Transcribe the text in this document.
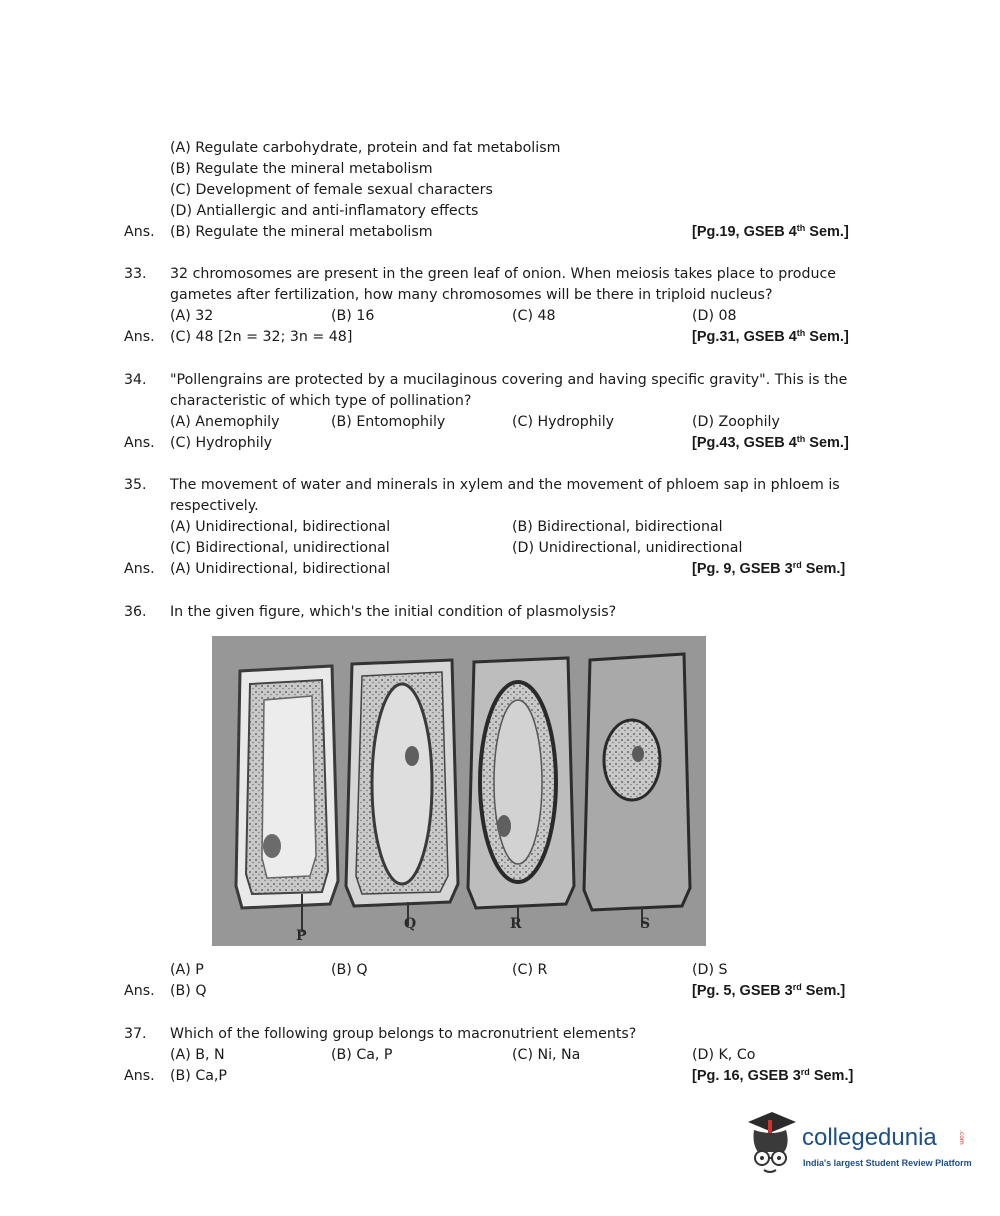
(A) Regulate carbohydrate, protein and fat metabolism
(B) Regulate the mineral metabolism
(C) Development of female sexual characters
(D) Antiallergic and anti-inflamatory effects
Ans. (B) Regulate the mineral metabolism	[Pg.19, GSEB 4th Sem.]
33. 32 chromosomes are present in the green leaf of onion. When meiosis takes place to produce
gametes after fertilization, how many chromosomes will be there in triploid nucleus?
(A) 32	(B) 16	(C) 48	(D) 08
Ans. (C) 48 [2n = 32; 3n = 48]	[Pg.31, GSEB 4th Sem.]
34. "Pollengrains are protected by a mucilaginous covering and having specific gravity". This is the
characteristic of which type of pollination?
(A) Anemophily	(B) Entomophily	(C) Hydrophily	(D) Zoophily
Ans. (C) Hydrophily	[Pg.43, GSEB 4th Sem.]
35. The movement of water and minerals in xylem and the movement of phloem sap in phloem is
respectively.
(A) Unidirectional, bidirectional	(B) Bidirectional, bidirectional
(C) Bidirectional, unidirectional	(D) Unidirectional, unidirectional
Ans. (A) Unidirectional, bidirectional	[Pg. 9, GSEB 3rd Sem.]
36. In the given figure, which's the initial condition of plasmolysis?
P
Q	R	S
(A) P	(B) Q	(C) R	(D) S
Ans. (B) Q	[Pg. 5, GSEB 3rd Sem.]
37. Which of the following group belongs to macronutrient elements?
(A) B, N	(B) Ca, P	(C) Ni, Na	(D) K, Co
Ans. (B) Ca,P	[Pg. 16, GSEB 3rd Sem.]
collegedunia	.com
India's largest Student Review Platform
